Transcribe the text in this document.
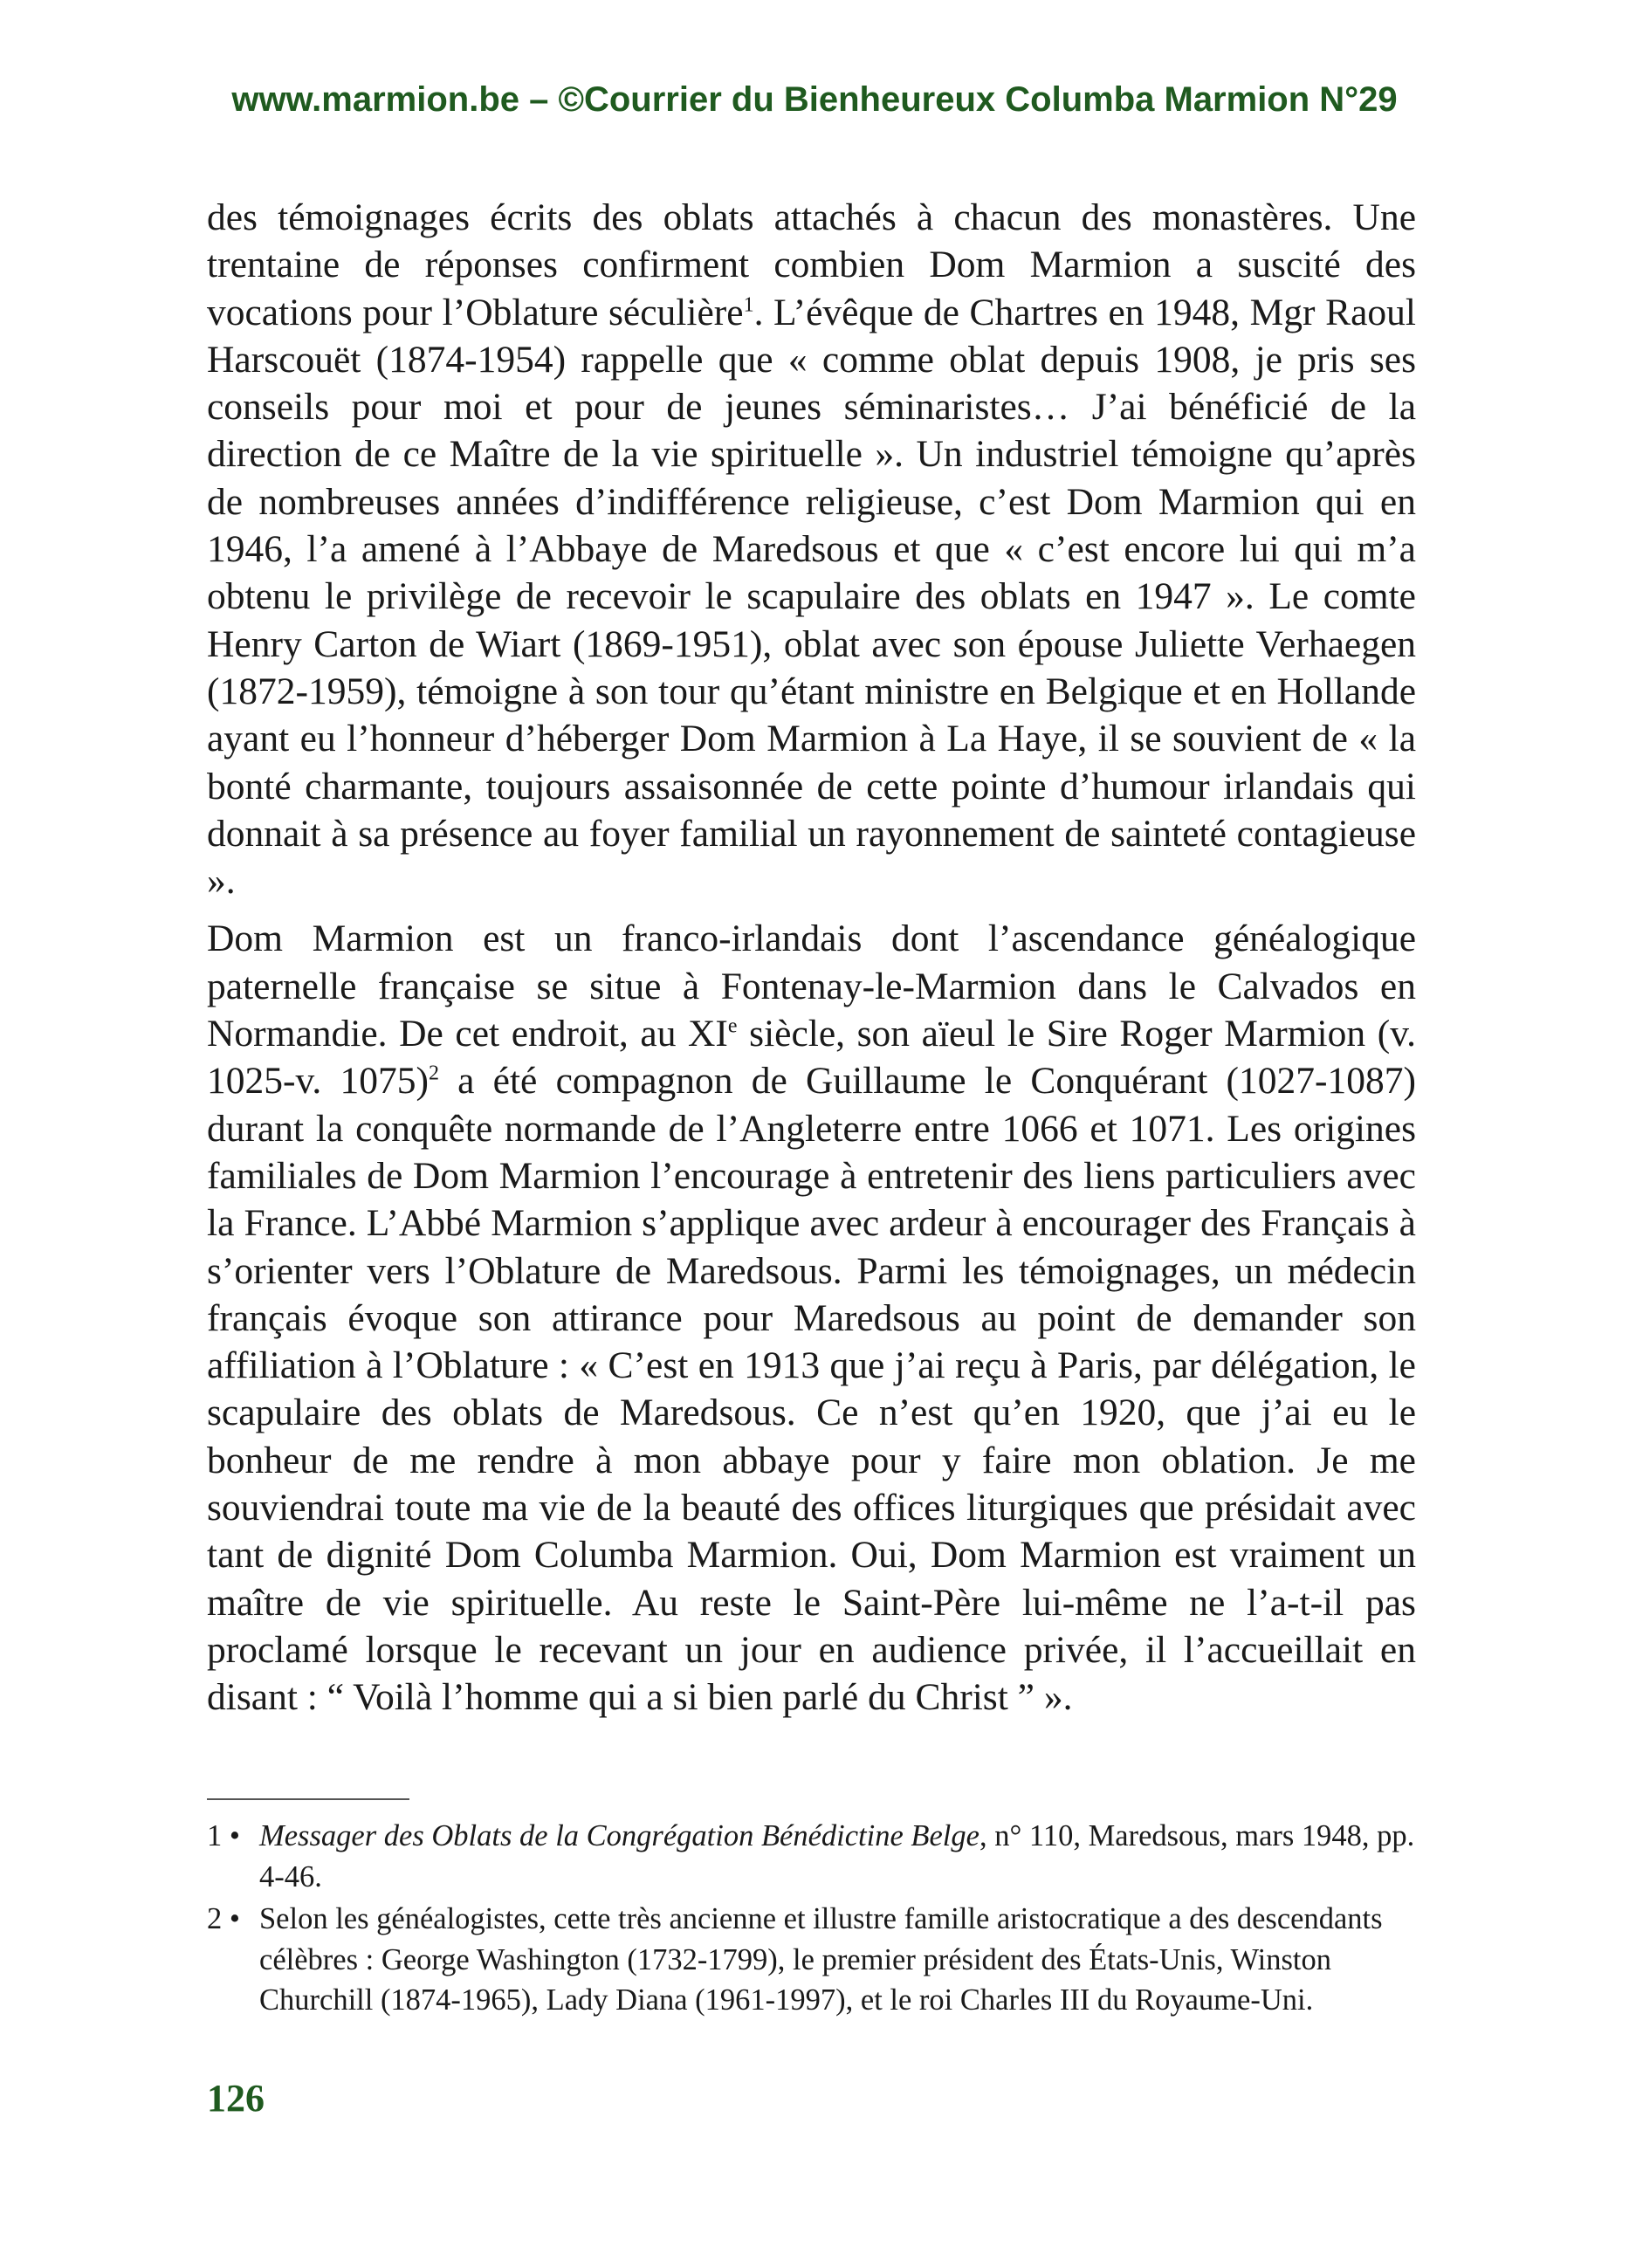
www.marmion.be – ©Courrier du Bienheureux Columba Marmion N°29

des témoignages écrits des oblats attachés à chacun des monastères. Une trentaine de réponses confirment combien Dom Marmion a suscité des vocations pour l’Oblature séculière$^1$. L’évêque de Chartres en 1948, Mgr Raoul Harscouët (1874-1954) rappelle que « comme oblat depuis 1908, je pris ses conseils pour moi et pour de jeunes séminaristes… J’ai bénéficié de la direction de ce Maître de la vie spirituelle ». Un industriel témoigne qu’après de nombreuses années d’indifférence religieuse, c’est Dom Marmion qui en 1946, l’a amené à l’Abbaye de Maredsous et que « c’est encore lui qui m’a obtenu le privilège de recevoir le scapulaire des oblats en 1947 ». Le comte Henry Carton de Wiart (1869-1951), oblat avec son épouse Juliette Verhaegen (1872-1959), témoigne à son tour qu’étant ministre en Belgique et en Hollande ayant eu l’honneur d’héberger Dom Marmion à La Haye, il se souvient de « la bonté charmante, toujours assaisonnée de cette pointe d’humour irlandais qui donnait à sa présence au foyer familial un rayonnement de sainteté contagieuse ».

Dom Marmion est un franco-irlandais dont l’ascendance généalogique paternelle française se situe à Fontenay-le-Marmion dans le Calvados en Normandie. De cet endroit, au XIe siècle, son aïeul le Sire Roger Marmion (v. 1025-v. 1075)$^2$ a été compagnon de Guillaume le Conquérant (1027-1087) durant la conquête normande de l’Angleterre entre 1066 et 1071. Les origines familiales de Dom Marmion l’encourage à entretenir des liens particuliers avec la France. L’Abbé Marmion s’applique avec ardeur à encourager des Français à s’orienter vers l’Oblature de Maredsous. Parmi les témoignages, un médecin français évoque son attirance pour Maredsous au point de demander son affiliation à l’Oblature : « C’est en 1913 que j’ai reçu à Paris, par délégation, le scapulaire des oblats de Maredsous. Ce n’est qu’en 1920, que j’ai eu le bonheur de me rendre à mon abbaye pour y faire mon oblation. Je me souviendrai toute ma vie de la beauté des offices liturgiques que présidait avec tant de dignité Dom Columba Marmion. Oui, Dom Marmion est vraiment un maître de vie spirituelle. Au reste le Saint-Père lui-même ne l’a-t-il pas proclamé lorsque le recevant un jour en audience privée, il l’accueillait en disant : “ Voilà l’homme qui a si bien parlé du Christ ” ».

1 • Messager des Oblats de la Congrégation Bénédictine Belge, n° 110, Maredsous, mars 1948, pp. 4-46.
2 • Selon les généalogistes, cette très ancienne et illustre famille aristocratique a des descendants célèbres : George Washington (1732-1799), le premier président des États-Unis, Winston Churchill (1874-1965), Lady Diana (1961-1997), et le roi Charles III du Royaume-Uni.
126
